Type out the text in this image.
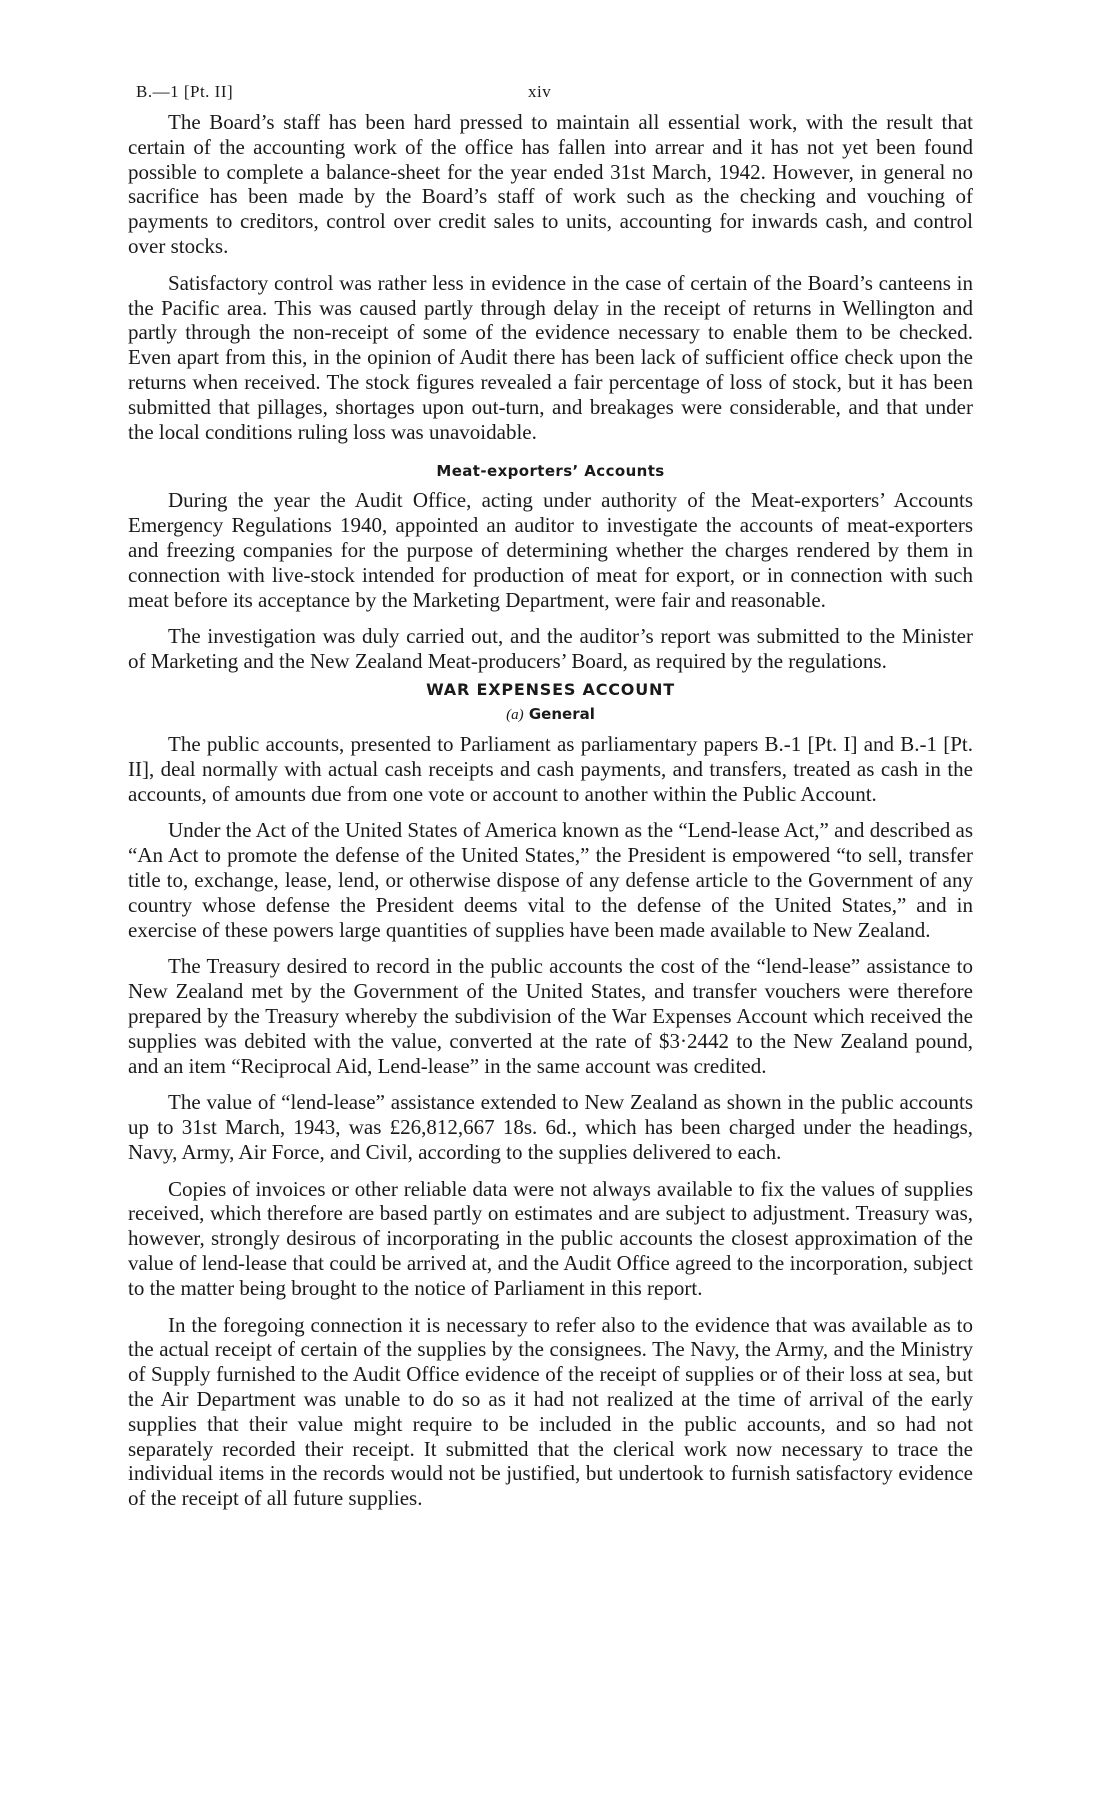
B.—1 [Pt. II]	xiv

The Board’s staff has been hard pressed to maintain all essential work, with the result that certain of the accounting work of the office has fallen into arrear and it has not yet been found possible to complete a balance-sheet for the year ended 31st March, 1942. However, in general no sacrifice has been made by the Board’s staff of work such as the checking and vouching of payments to creditors, control over credit sales to units, accounting for inwards cash, and control over stocks.

Satisfactory control was rather less in evidence in the case of certain of the Board’s canteens in the Pacific area. This was caused partly through delay in the receipt of returns in Wellington and partly through the non-receipt of some of the evidence necessary to enable them to be checked. Even apart from this, in the opinion of Audit there has been lack of sufficient office check upon the returns when received. The stock figures revealed a fair percentage of loss of stock, but it has been submitted that pillages, shortages upon out-turn, and breakages were considerable, and that under the local conditions ruling loss was unavoidable.

Meat-exporters’ Accounts

During the year the Audit Office, acting under authority of the Meat-exporters’ Accounts Emergency Regulations 1940, appointed an auditor to investigate the accounts of meat-exporters and freezing companies for the purpose of determining whether the charges rendered by them in connection with live-stock intended for production of meat for export, or in connection with such meat before its acceptance by the Marketing Department, were fair and reasonable.

The investigation was duly carried out, and the auditor’s report was submitted to the Minister of Marketing and the New Zealand Meat-producers’ Board, as required by the regulations.

WAR EXPENSES ACCOUNT
(a) General

The public accounts, presented to Parliament as parliamentary papers B.-1 [Pt. I] and B.-1 [Pt. II], deal normally with actual cash receipts and cash payments, and transfers, treated as cash in the accounts, of amounts due from one vote or account to another within the Public Account.

Under the Act of the United States of America known as the “Lend-lease Act,” and described as “An Act to promote the defense of the United States,” the President is empowered “to sell, transfer title to, exchange, lease, lend, or otherwise dispose of any defense article to the Government of any country whose defense the President deems vital to the defense of the United States,” and in exercise of these powers large quantities of supplies have been made available to New Zealand.

The Treasury desired to record in the public accounts the cost of the “lend-lease” assistance to New Zealand met by the Government of the United States, and transfer vouchers were therefore prepared by the Treasury whereby the subdivision of the War Expenses Account which received the supplies was debited with the value, converted at the rate of $3·2442 to the New Zealand pound, and an item “Reciprocal Aid, Lend-lease” in the same account was credited.

The value of “lend-lease” assistance extended to New Zealand as shown in the public accounts up to 31st March, 1943, was £26,812,667 18s. 6d., which has been charged under the headings, Navy, Army, Air Force, and Civil, according to the supplies delivered to each.

Copies of invoices or other reliable data were not always available to fix the values of supplies received, which therefore are based partly on estimates and are subject to adjustment. Treasury was, however, strongly desirous of incorporating in the public accounts the closest approximation of the value of lend-lease that could be arrived at, and the Audit Office agreed to the incorporation, subject to the matter being brought to the notice of Parliament in this report.

In the foregoing connection it is necessary to refer also to the evidence that was available as to the actual receipt of certain of the supplies by the consignees. The Navy, the Army, and the Ministry of Supply furnished to the Audit Office evidence of the receipt of supplies or of their loss at sea, but the Air Department was unable to do so as it had not realized at the time of arrival of the early supplies that their value might require to be included in the public accounts, and so had not separately recorded their receipt. It submitted that the clerical work now necessary to trace the individual items in the records would not be justified, but undertook to furnish satisfactory evidence of the receipt of all future supplies.
